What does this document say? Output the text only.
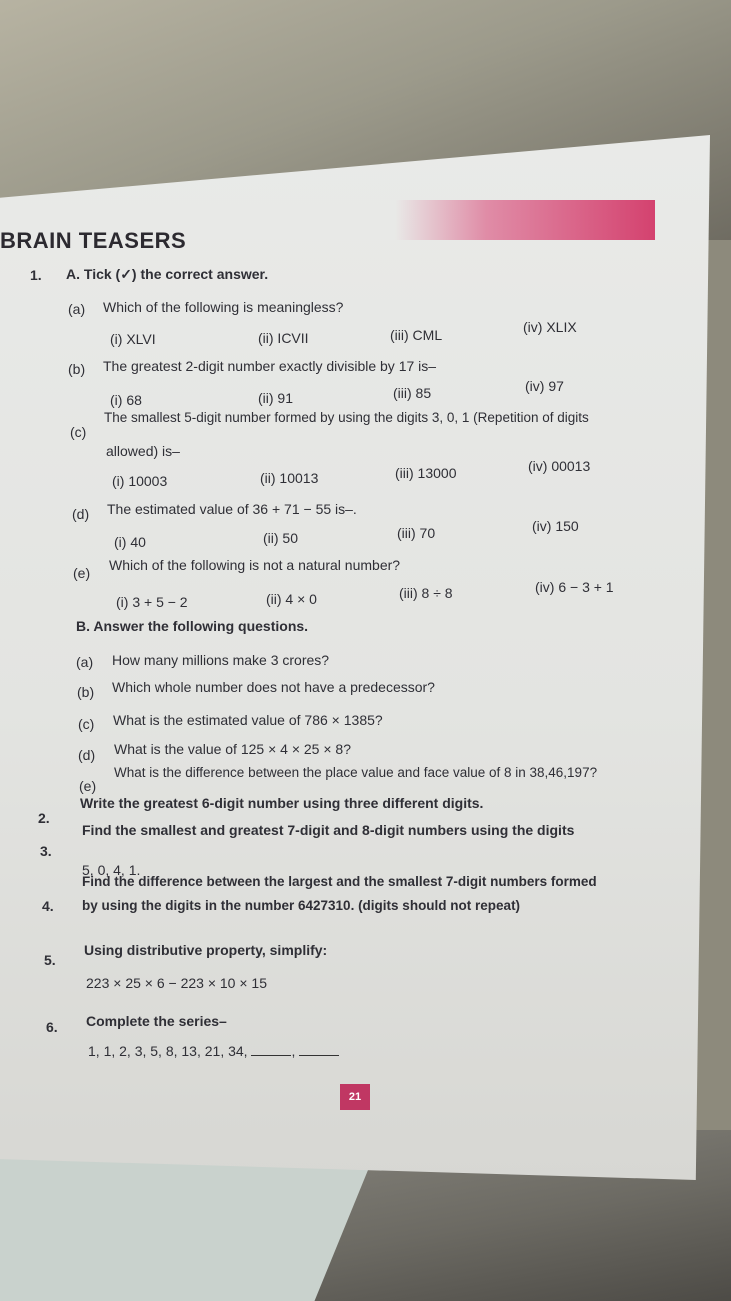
BRAIN TEASERS
1. A. Tick (✓) the correct answer.
(a) Which of the following is meaningless?
(i) XLVI	(ii) ICVII	(iii) CML	(iv) XLIX
(b) The greatest 2-digit number exactly divisible by 17 is–
(i) 68	(ii) 91	(iii) 85	(iv) 97
(c)
The smallest 5-digit number formed by using the digits 3, 0, 1 (Repetition of digits
allowed) is–
(i) 10003	(ii) 10013	(iii) 13000	(iv) 00013
(d) The estimated value of 36 + 71 − 55 is–.
(i) 40	(ii) 50	(iii) 70	(iv) 150
(e) Which of the following is not a natural number?
(i) 3 + 5 − 2	(ii) 4 × 0	(iii) 8 ÷ 8	(iv) 6 − 3 + 1
B. Answer the following questions.
(a) How many millions make 3 crores?
(b) Which whole number does not have a predecessor?
(c) What is the estimated value of 786 × 1385?
(d) What is the value of 125 × 4 × 25 × 8?
(e)
What is the difference between the place value and face value of 8 in 38,46,197?
2.
Write the greatest 6-digit number using three different digits.
3.
Find the smallest and greatest 7-digit and 8-digit numbers using the digits
5, 0, 4, 1.
4.
Find the difference between the largest and the smallest 7-digit numbers formed
by using the digits in the number 6427310. (digits should not repeat)
5.
Using distributive property, simplify:
223 × 25 × 6 − 223 × 10 × 15
6. Complete the series–
1, 1, 2, 3, 5, 8, 13, 21, 34,	,
21
